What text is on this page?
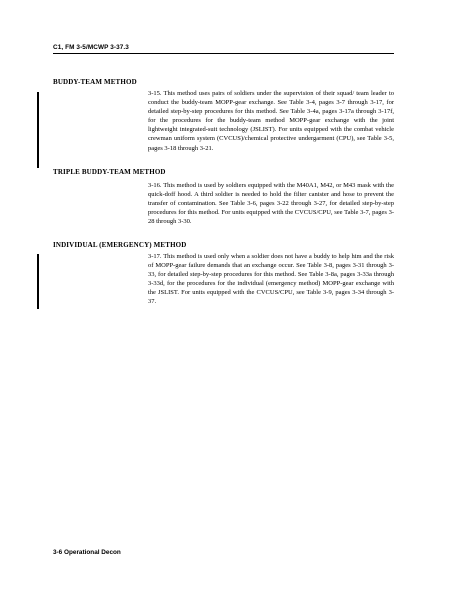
C1, FM 3-5/MCWP 3-37.3
BUDDY-TEAM METHOD

3-15. This method uses pairs of soldiers under the supervision of their squad/ team leader to conduct the buddy-team MOPP-gear exchange. See Table 3-4, pages 3-7 through 3-17, for detailed step-by-step procedures for this method. See Table 3-4a, pages 3-17a through 3-17f, for the procedures for the buddy-team method MOPP-gear exchange with the joint lightweight integrated-suit technology (JSLIST). For units equipped with the combat vehicle crewman uniform system (CVCUS)/chemical protective undergarment (CPU), see Table 3-5, pages 3-18 through 3-21.

TRIPLE BUDDY-TEAM METHOD

3-16. This method is used by soldiers equipped with the M40A1, M42, or M43 mask with the quick-doff hood. A third soldier is needed to hold the filter canister and hose to prevent the transfer of contamination. See Table 3-6, pages 3-22 through 3-27, for detailed step-by-step procedures for this method. For units equipped with the CVCUS/CPU, see Table 3-7, pages 3-28 through 3-30.

INDIVIDUAL (EMERGENCY) METHOD

3-17. This method is used only when a soldier does not have a buddy to help him and the risk of MOPP-gear failure demands that an exchange occur. See Table 3-8, pages 3-31 through 3-33, for detailed step-by-step procedures for this method. See Table 3-8a, pages 3-33a through 3-33d, for the procedures for the individual (emergency method) MOPP-gear exchange with the JSLIST. For units equipped with the CVCUS/CPU, see Table 3-9, pages 3-34 through 3-37.

3-6 Operational Decon
